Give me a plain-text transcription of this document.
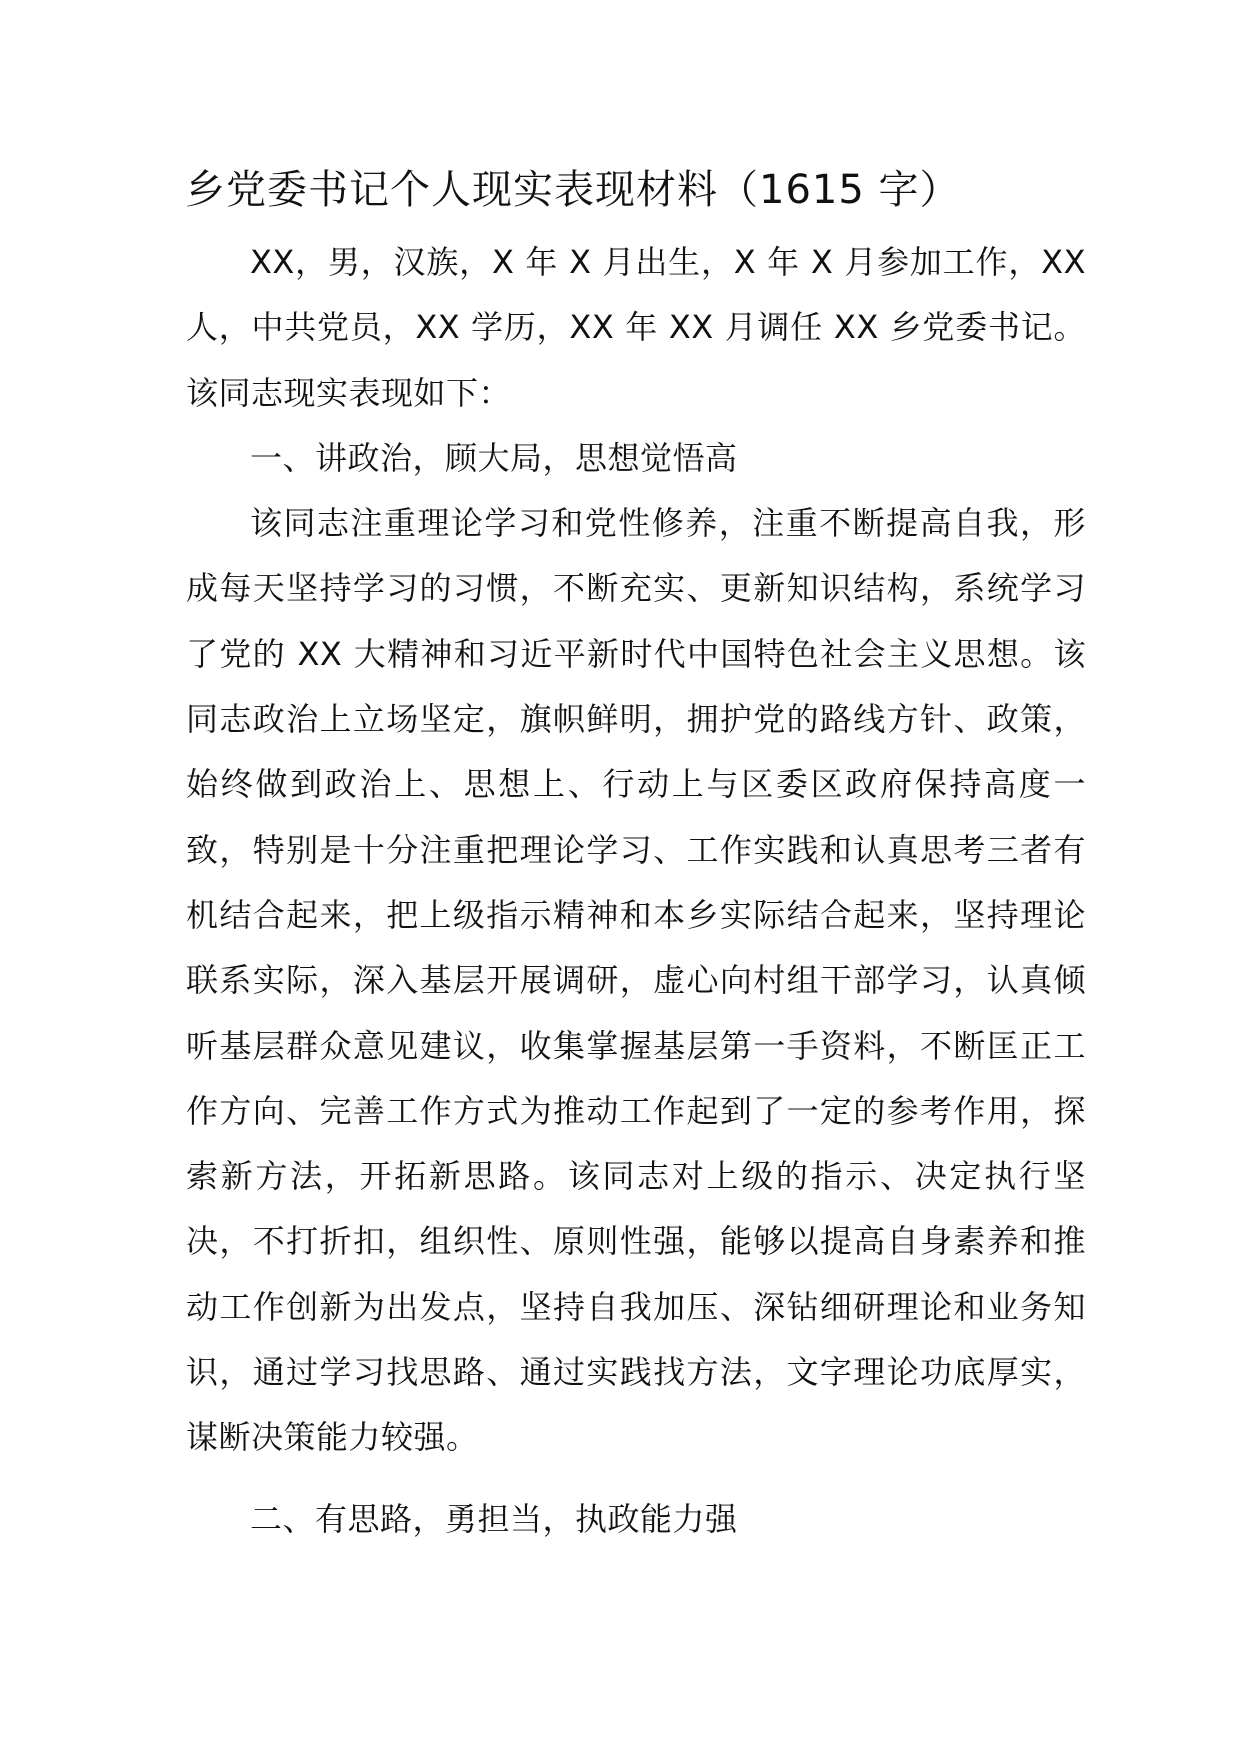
乡党委书记个人现实表现材料（1615 字）

XX，男，汉族，X 年 X 月出生，X 年 X 月参加工作，XX 人，中共党员，XX 学历，XX 年 XX 月调任 XX 乡党委书记。该同志现实表现如下：

一、讲政治，顾大局，思想觉悟高

该同志注重理论学习和党性修养，注重不断提高自我，形成每天坚持学习的习惯，不断充实、更新知识结构，系统学习了党的 XX 大精神和习近平新时代中国特色社会主义思想。该同志政治上立场坚定，旗帜鲜明，拥护党的路线方针、政策，始终做到政治上、思想上、行动上与区委区政府保持高度一致，特别是十分注重把理论学习、工作实践和认真思考三者有机结合起来，把上级指示精神和本乡实际结合起来，坚持理论联系实际，深入基层开展调研，虚心向村组干部学习，认真倾听基层群众意见建议，收集掌握基层第一手资料，不断匡正工作方向、完善工作方式为推动工作起到了一定的参考作用，探索新方法，开拓新思路。该同志对上级的指示、决定执行坚决，不打折扣，组织性、原则性强，能够以提高自身素养和推动工作创新为出发点，坚持自我加压、深钻细研理论和业务知识，通过学习找思路、通过实践找方法，文字理论功底厚实，谋断决策能力较强。

二、有思路，勇担当，执政能力强
